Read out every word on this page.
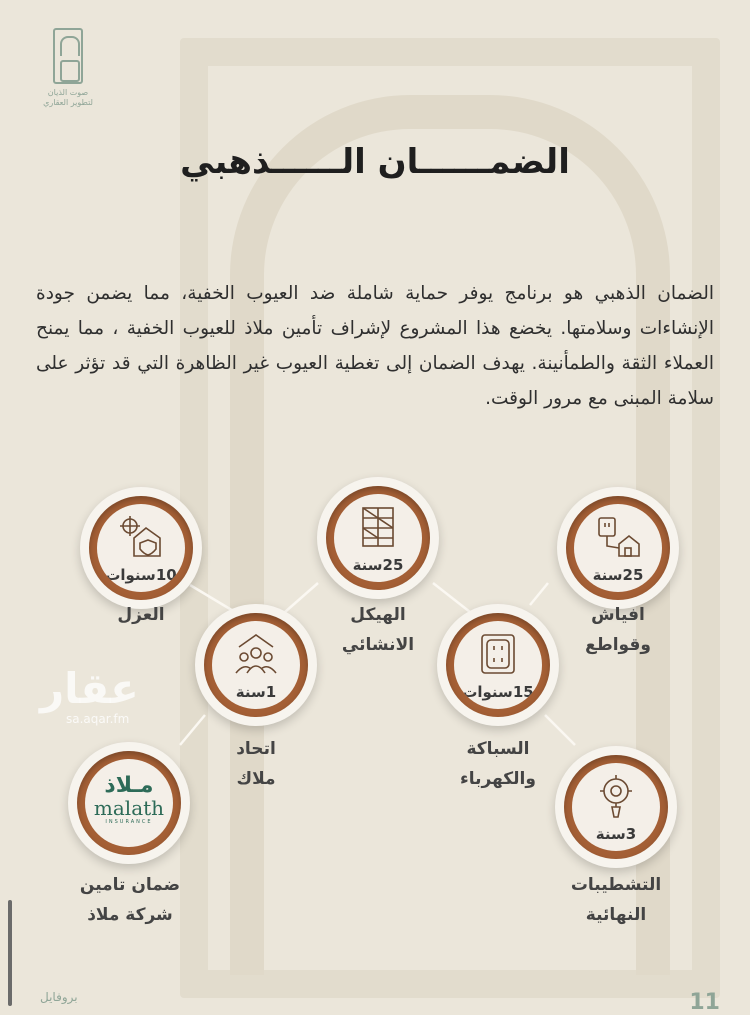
صوت الذيان
لتطوير العقاري
الضمــــــان الــــــذهبي
الضمان الذهبي هو برنامج يوفر حماية شاملة ضد العيوب الخفية، مما يضمن جودة الإنشاءات وسلامتها. يخضع هذا المشروع لإشراف تأمين ملاذ للعيوب الخفية ، مما يمنح العملاء الثقة والطمأنينة. يهدف الضمان إلى تغطية العيوب غير الظاهرة التي قد تؤثر على سلامة المبنى مع مرور الوقت.
25سنة
افياش
وقواطع
25سنة
الهيكل
الانشائي
10سنوات
العزل
15سنوات
السباكة
والكهرباء
1سنة
اتحاد
ملاك
3سنة
التشطيبات
النهائية
مـلاذ
malath
INSURANCE
ضمان تامين
شركة ملاذ
عقار
sa.aqar.fm
بروفايل	11
